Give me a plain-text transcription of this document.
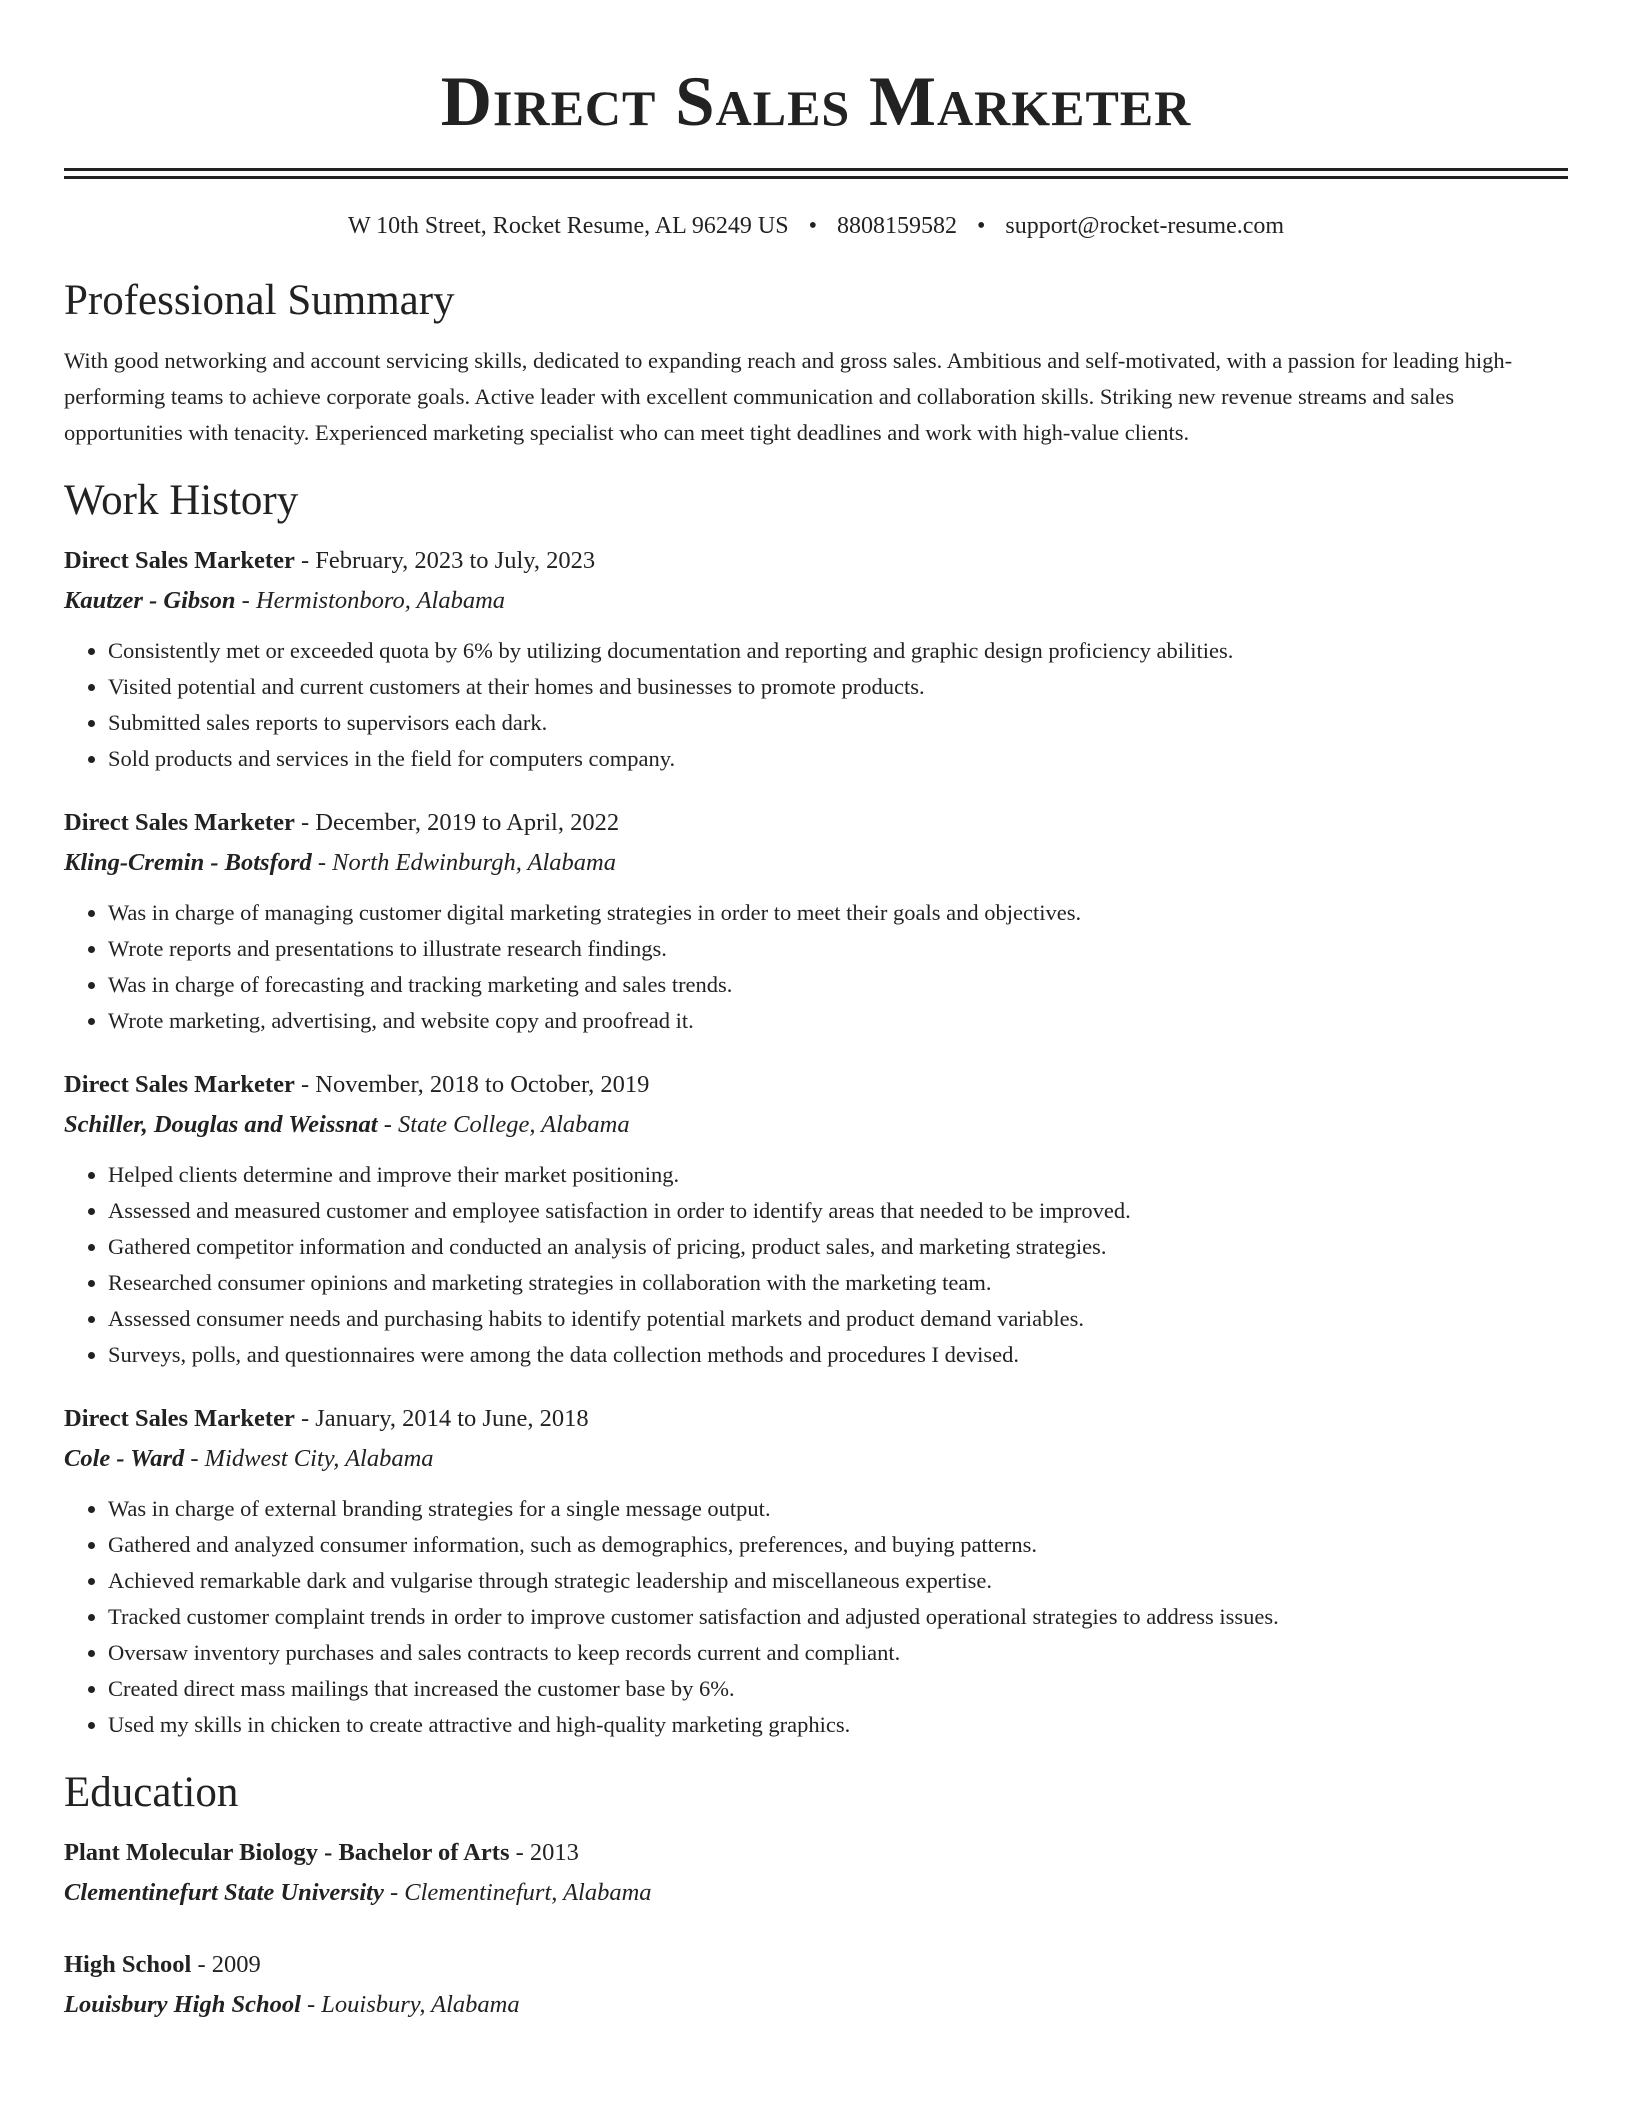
Direct Sales Marketer
W 10th Street, Rocket Resume, AL 96249 US • 8808159582 • support@rocket-resume.com
Professional Summary

With good networking and account servicing skills, dedicated to expanding reach and gross sales. Ambitious and self-motivated, with a passion for leading high-performing teams to achieve corporate goals. Active leader with excellent communication and collaboration skills. Striking new revenue streams and sales opportunities with tenacity. Experienced marketing specialist who can meet tight deadlines and work with high-value clients.

Work History
Direct Sales Marketer - February, 2023 to July, 2023
Kautzer - Gibson - Hermistonboro, Alabama
• Consistently met or exceeded quota by 6% by utilizing documentation and reporting and graphic design proficiency abilities.
• Visited potential and current customers at their homes and businesses to promote products.
• Submitted sales reports to supervisors each dark.
• Sold products and services in the field for computers company.
Direct Sales Marketer - December, 2019 to April, 2022
Kling-Cremin - Botsford - North Edwinburgh, Alabama
• Was in charge of managing customer digital marketing strategies in order to meet their goals and objectives.
• Wrote reports and presentations to illustrate research findings.
• Was in charge of forecasting and tracking marketing and sales trends.
• Wrote marketing, advertising, and website copy and proofread it.
Direct Sales Marketer - November, 2018 to October, 2019
Schiller, Douglas and Weissnat - State College, Alabama
• Helped clients determine and improve their market positioning.
• Assessed and measured customer and employee satisfaction in order to identify areas that needed to be improved.
• Gathered competitor information and conducted an analysis of pricing, product sales, and marketing strategies.
• Researched consumer opinions and marketing strategies in collaboration with the marketing team.
• Assessed consumer needs and purchasing habits to identify potential markets and product demand variables.
• Surveys, polls, and questionnaires were among the data collection methods and procedures I devised.
Direct Sales Marketer - January, 2014 to June, 2018
Cole - Ward - Midwest City, Alabama
• Was in charge of external branding strategies for a single message output.
• Gathered and analyzed consumer information, such as demographics, preferences, and buying patterns.
• Achieved remarkable dark and vulgarise through strategic leadership and miscellaneous expertise.
• Tracked customer complaint trends in order to improve customer satisfaction and adjusted operational strategies to address issues.
• Oversaw inventory purchases and sales contracts to keep records current and compliant.
• Created direct mass mailings that increased the customer base by 6%.
• Used my skills in chicken to create attractive and high-quality marketing graphics.
Education
Plant Molecular Biology - Bachelor of Arts - 2013
Clementinefurt State University - Clementinefurt, Alabama
High School - 2009
Louisbury High School - Louisbury, Alabama
